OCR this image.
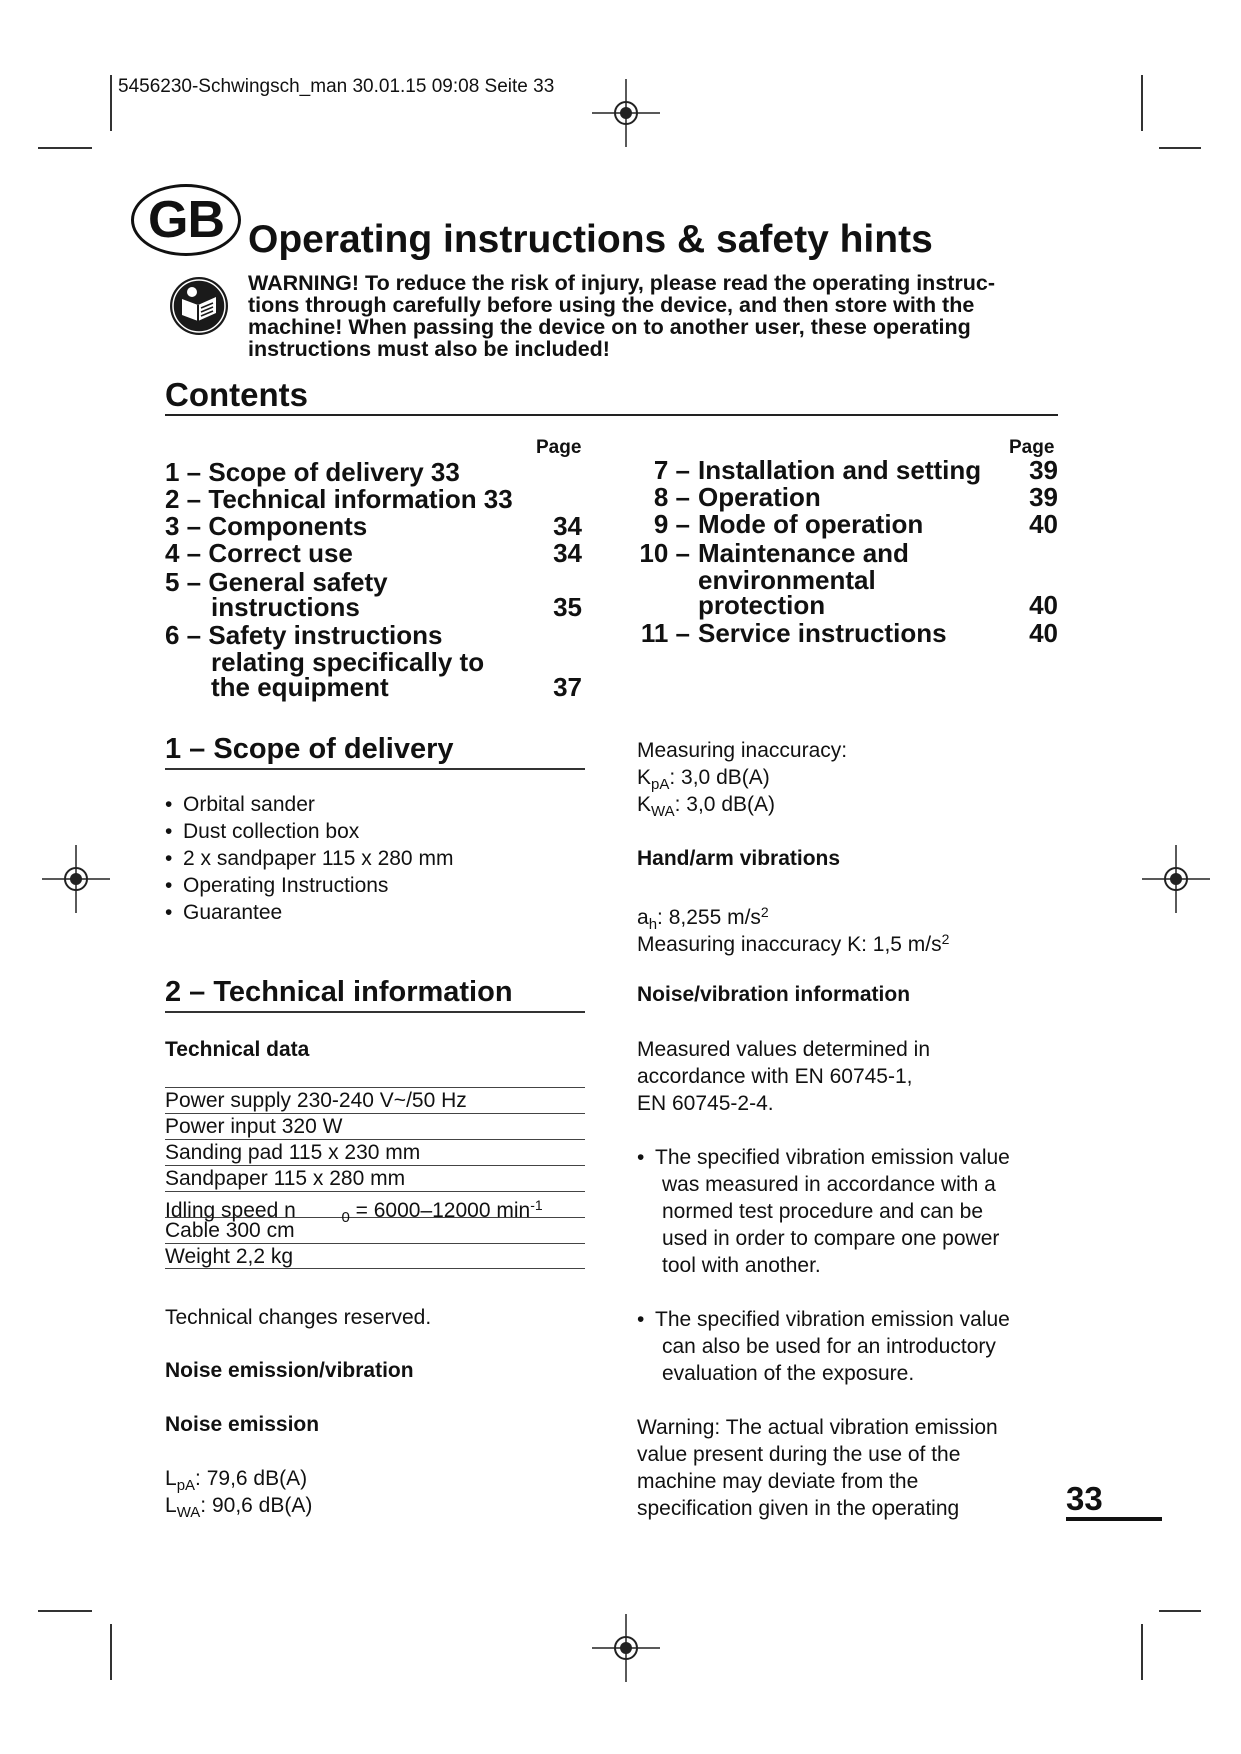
5456230-Schwingsch_man 30.01.15 09:08 Seite 33
GB Operating instructions & safety hints
WARNING! To reduce the risk of injury, please read the operating instruc-
tions through carefully before using the device, and then store with the
machine! When passing the device on to another user, these operating
instructions must also be included!
Contents
Page	Page
1 – Scope of delivery 33
2 – Technical information 33
3 – Components	34
4 – Correct use	34
5 – General safety
instructions	35
6 – Safety instructions
relating specifically to
the equipment	37
7 – Installation and setting	39
8 – Operation	39
9 – Mode of operation	40
10 – Maintenance and
environmental
protection	40
11 – Service instructions	40
1 – Scope of delivery
• Orbital sander
• Dust collection box
• 2 x sandpaper 115 x 280 mm
• Operating Instructions
• Guarantee
2 – Technical information
Technical data
Power supply 230-240 V~/50 Hz
Power input 320 W
Sanding pad 115 x 230 mm
Sandpaper 115 x 280 mm
Idling speed n	$_0$ = 6000–12000 $\min^{-1}$
Cable 300 cm
Weight 2,2 kg
Technical changes reserved.
Noise emission/vibration
Noise emission
$L_{pA}$: 79,6 dB(A)
$L_{WA}$: 90,6 dB(A)
Measuring inaccuracy:
$K_{pA}$: 3,0 dB(A)
$K_{WA}$: 3,0 dB(A)
Hand/arm vibrations
$a_h$: 8,255 $m/s^2$
Measuring inaccuracy K: 1,5 $m/s^2$
Noise/vibration information
Measured values determined in
accordance with EN 60745-1,
EN 60745-2-4.
• The specified vibration emission value
was measured in accordance with a
normed test procedure and can be
used in order to compare one power
tool with another.
• The specified vibration emission value
can also be used for an introductory
evaluation of the exposure.
Warning: The actual vibration emission
value present during the use of the
machine may deviate from the
specification given in the operating	33
